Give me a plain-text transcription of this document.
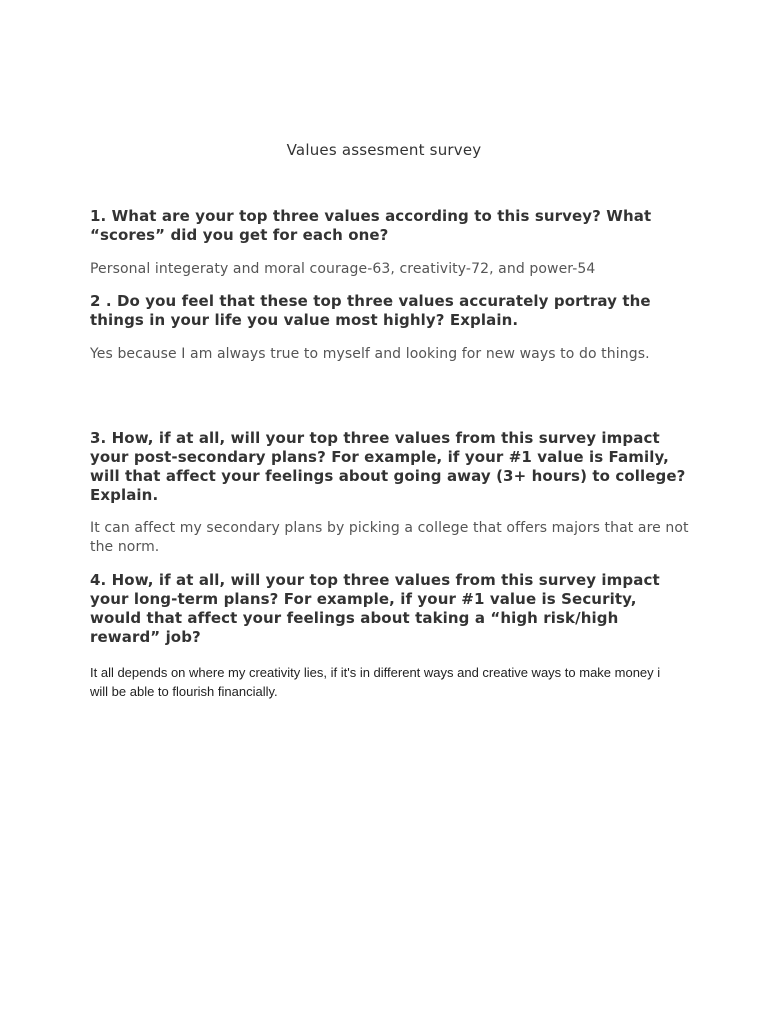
Values assesment survey
1. What are your top three values according to this survey? What “scores” did you get for each one?
Personal integeraty and moral courage-63, creativity-72, and power-54
2 . Do you feel that these top three values accurately portray the things in your life you value most highly? Explain.
Yes because I am always true to myself and looking for new ways to do things.
3. How, if at all, will your top three values from this survey impact your post-secondary plans? For example, if your #1 value is Family, will that affect your feelings about going away (3+ hours) to college? Explain.
It can affect my secondary plans by picking a college that offers majors that are not the norm.
4. How, if at all, will your top three values from this survey impact your long-term plans? For example, if your #1 value is Security, would that affect your feelings about taking a “high risk/high reward” job?
It all depends on where my creativity lies, if it's in different ways and creative ways to make money i will be able to flourish financially.
